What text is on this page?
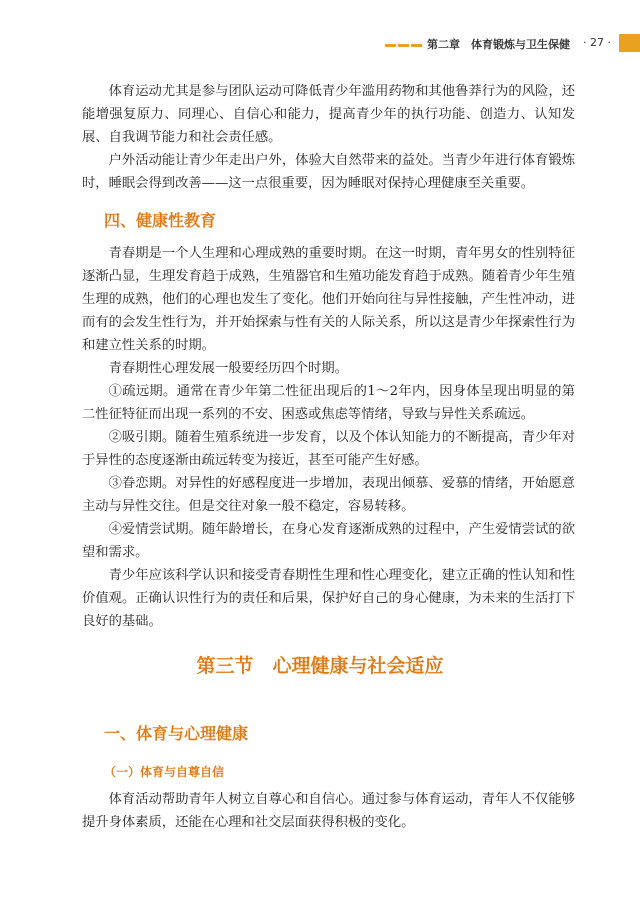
第二章　体育锻炼与卫生保健 · 27 ·

体育运动尤其是参与团队运动可降低青少年滥用药物和其他鲁莽行为的风险，还能增强复原力、同理心、自信心和能力，提高青少年的执行功能、创造力、认知发展、自我调节能力和社会责任感。

户外活动能让青少年走出户外，体验大自然带来的益处。当青少年进行体育锻炼时，睡眠会得到改善——这一点很重要，因为睡眠对保持心理健康至关重要。

四、健康性教育

青春期是一个人生理和心理成熟的重要时期。在这一时期，青年男女的性别特征逐渐凸显，生理发育趋于成熟，生殖器官和生殖功能发育趋于成熟。随着青少年生殖生理的成熟，他们的心理也发生了变化。他们开始向往与异性接触，产生性冲动，进而有的会发生性行为，并开始探索与性有关的人际关系，所以这是青少年探索性行为和建立性关系的时期。

青春期性心理发展一般要经历四个时期。

①疏远期。通常在青少年第二性征出现后的1～2年内，因身体呈现出明显的第二性征特征而出现一系列的不安、困惑或焦虑等情绪，导致与异性关系疏远。

②吸引期。随着生殖系统进一步发育，以及个体认知能力的不断提高，青少年对于异性的态度逐渐由疏远转变为接近，甚至可能产生好感。

③眷恋期。对异性的好感程度进一步增加，表现出倾慕、爱慕的情绪，开始愿意主动与异性交往。但是交往对象一般不稳定，容易转移。

④爱情尝试期。随年龄增长，在身心发育逐渐成熟的过程中，产生爱情尝试的欲望和需求。

青少年应该科学认识和接受青春期性生理和性心理变化，建立正确的性认知和性价值观。正确认识性行为的责任和后果，保护好自己的身心健康，为未来的生活打下良好的基础。

第三节　心理健康与社会适应
一、体育与心理健康
（一）体育与自尊自信

体育活动帮助青年人树立自尊心和自信心。通过参与体育运动，青年人不仅能够提升身体素质，还能在心理和社交层面获得积极的变化。
